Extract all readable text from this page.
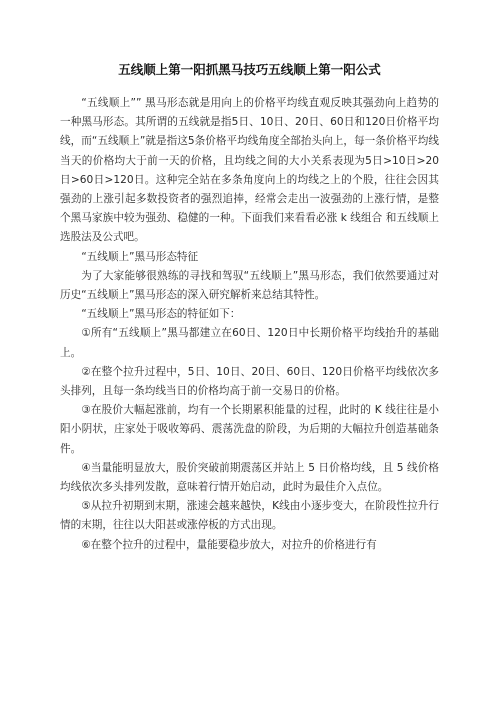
五线顺上第一阳抓黑马技巧五线顺上第一阳公式

“五线顺上”” 黑马形态就是用向上的价格平均线直观反映其强劲向上趋势的一种黑马形态。其所谓的五线就是指5日、10日、20日、60日和120日价格平均线，而“五线顺上”就是指这5条价格平均线角度全部抬头向上，每一条价格平均线当天的价格均大于前一天的价格，且均线之间的大小关系表现为5日>10日>20日>60日>120日。这种完全站在多条角度向上的均线之上的个股，往往会因其强劲的上涨引起多数投资者的强烈追捧，经常会走出一波强劲的上涨行情，是整个黑马家族中较为强劲、稳健的一种。下面我们来看看必涨 k 线组合 和五线顺上选股法及公式吧。

“五线顺上”黑马形态特征

为了大家能够很熟练的寻找和驾驭“五线顺上”黑马形态，我们依然要通过对历史“五线顺上”黑马形态的深入研究解析来总结其特性。

“五线顺上”黑马形态的特征如下：

①所有“五线顺上”黑马都建立在60日、120日中长期价格平均线抬升的基础上。

②在整个拉升过程中，5日、10日、20日、60日、120日价格平均线依次多头排列，且每一条均线当日的价格均高于前一交易日的价格。

③在股价大幅起涨前，均有一个长期累积能量的过程，此时的 K 线往往是小阳小阴状，庄家处于吸收筹码、震荡洗盘的阶段，为后期的大幅拉升创造基础条件。

④当量能明显放大，股价突破前期震荡区并站上 5 日价格均线，且 5 线价格均线依次多头排列发散，意味着行情开始启动，此时为最佳介入点位。

⑤从拉升初期到末期，涨速会越来越快，K线由小逐步变大，在阶段性拉升行情的末期，往往以大阳甚或涨停板的方式出现。

⑥在整个拉升的过程中，量能要稳步放大，对拉升的价格进行有
